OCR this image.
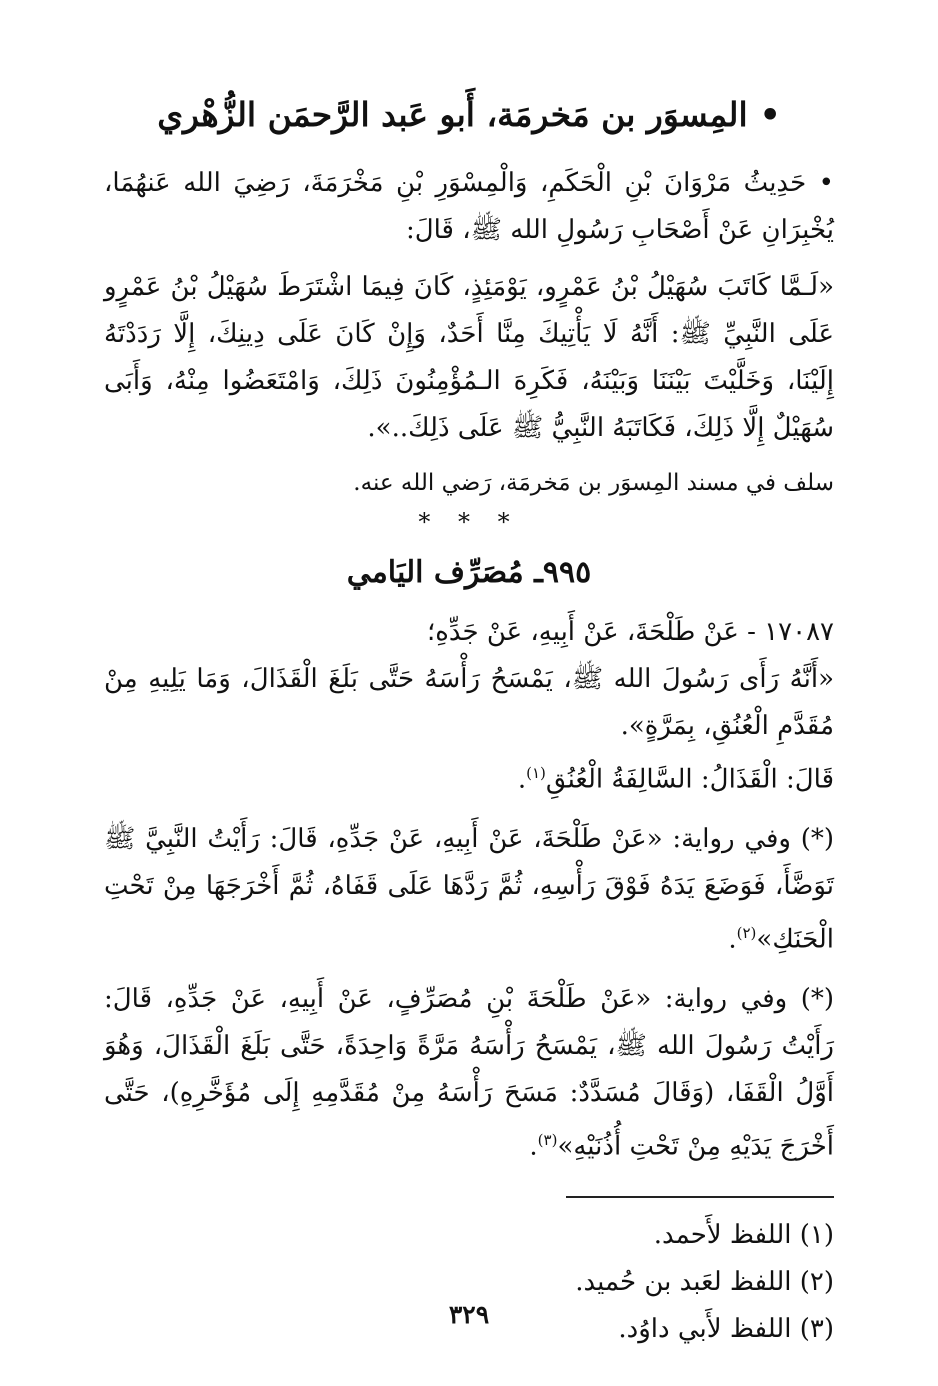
•المِسوَر بن مَخرمَة، أَبو عَبد الرَّحمَن الزُّهْري

• حَدِيثُ مَرْوَانَ بْنِ الْحَكَمِ، وَالْمِسْوَرِ بْنِ مَخْرَمَةَ، رَضِيَ الله عَنهُمَا، يُخْبِرَانِ عَنْ أَصْحَابِ رَسُولِ الله ﷺ، قَالَ:

«لَـمَّا كَاتَبَ سُهَيْلُ بْنُ عَمْرٍو، يَوْمَئِذٍ، كَانَ فِيمَا اشْتَرَطَ سُهَيْلُ بْنُ عَمْرٍو عَلَى النَّبِيِّ ﷺ: أَنَّهُ لَا يَأْتِيكَ مِنَّا أَحَدٌ، وَإِنْ كَانَ عَلَى دِينِكَ، إِلَّا رَدَدْتَهُ إِلَيْنَا، وَخَلَّيْتَ بَيْنَنَا وَبَيْنَهُ، فَكَرِهَ الـمُؤْمِنُونَ ذَلِكَ، وَامْتَعَضُوا مِنْهُ، وَأَبَى سُهَيْلٌ إِلَّا ذَلِكَ، فَكَاتَبَهُ النَّبِيُّ ﷺ عَلَى ذَلِكَ..».

سلف في مسند المِسوَر بن مَخرمَة، رَضي الله عنه.

* * *
٩٩٥ـ مُصَرِّف اليَامي

١٧٠٨٧ - عَنْ طَلْحَةَ، عَنْ أَبِيهِ، عَنْ جَدِّهِ؛

«أَنَّهُ رَأَى رَسُولَ الله ﷺ، يَمْسَحُ رَأْسَهُ حَتَّى بَلَغَ الْقَذَالَ، وَمَا يَلِيهِ مِنْ مُقَدَّمِ الْعُنُقِ، بِمَرَّةٍ».

قَالَ: الْقَذَالُ: السَّالِفَةُ الْعُنُقِ$^{(١)}$.

(*) وفي رواية: «عَنْ طَلْحَةَ، عَنْ أَبِيهِ، عَنْ جَدِّهِ، قَالَ: رَأَيْتُ النَّبِيَّ ﷺ تَوَضَّأَ، فَوَضَعَ يَدَهُ فَوْقَ رَأْسِهِ، ثُمَّ رَدَّهَا عَلَى قَفَاهُ، ثُمَّ أَخْرَجَهَا مِنْ تَحْتِ الْحَنَكِ»$^{(٢)}$.

(*) وفي رواية: «عَنْ طَلْحَةَ بْنِ مُصَرِّفٍ، عَنْ أَبِيهِ، عَنْ جَدِّهِ، قَالَ: رَأَيْتُ رَسُولَ الله ﷺ، يَمْسَحُ رَأْسَهُ مَرَّةً وَاحِدَةً، حَتَّى بَلَغَ الْقَذَالَ، وَهُوَ أَوَّلُ الْقَفَا، (وَقَالَ مُسَدَّدٌ: مَسَحَ رَأْسَهُ مِنْ مُقَدَّمِهِ إِلَى مُؤَخَّرِهِ)، حَتَّى أَخْرَجَ يَدَيْهِ مِنْ تَحْتِ أُذُنَيْهِ»$^{(٣)}$.

(١) اللفظ لأَحمد.

(٢) اللفظ لعَبد بن حُميد.

(٣) اللفظ لأَبي داوُد.

٣٢٩
